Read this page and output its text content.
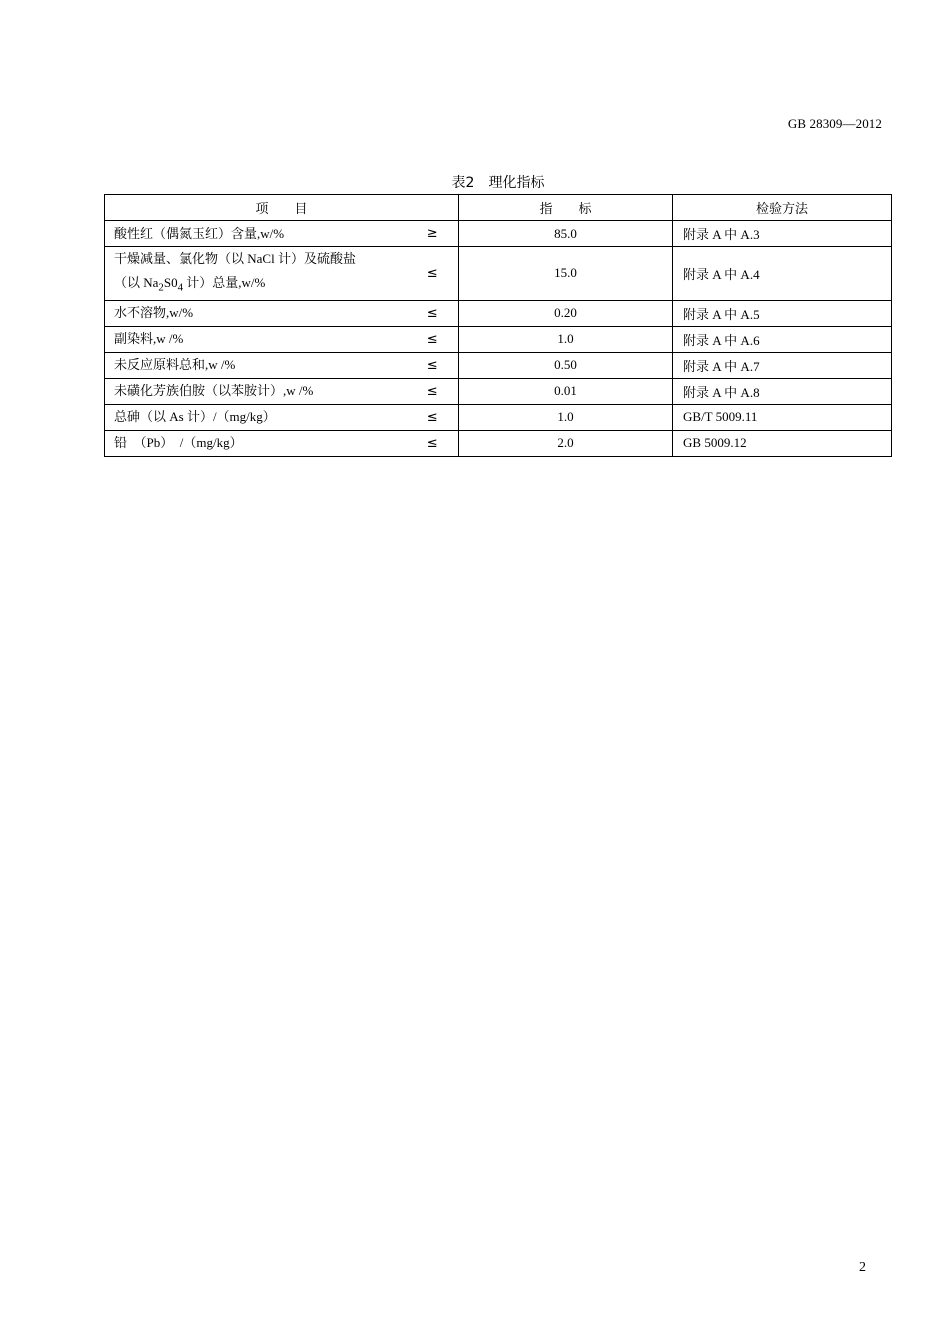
GB 28309—2012
表2　理化指标
项　　目		指　　标	检验方法
酸性红（偶氮玉红）含量,w/%	≥	85.0	附录 A 中 A.3
干燥减量、氯化物（以 NaCl 计）及硫酸盐
（以 $Na_2S0_4$ 计）总量,w/%	≤	15.0	附录 A 中 A.4
水不溶物,w/%	≤	0.20	附录 A 中 A.5
副染料,w /%	≤	1.0	附录 A 中 A.6
未反应原料总和,w /%	≤	0.50	附录 A 中 A.7
未磺化芳族伯胺（以苯胺计）,w /%	≤	0.01	附录 A 中 A.8
总砷（以 As 计）/（mg/kg）	≤	1.0	GB/T 5009.11
铅　（Pb）　/（mg/kg）	≤	2.0	GB 5009.12
2
